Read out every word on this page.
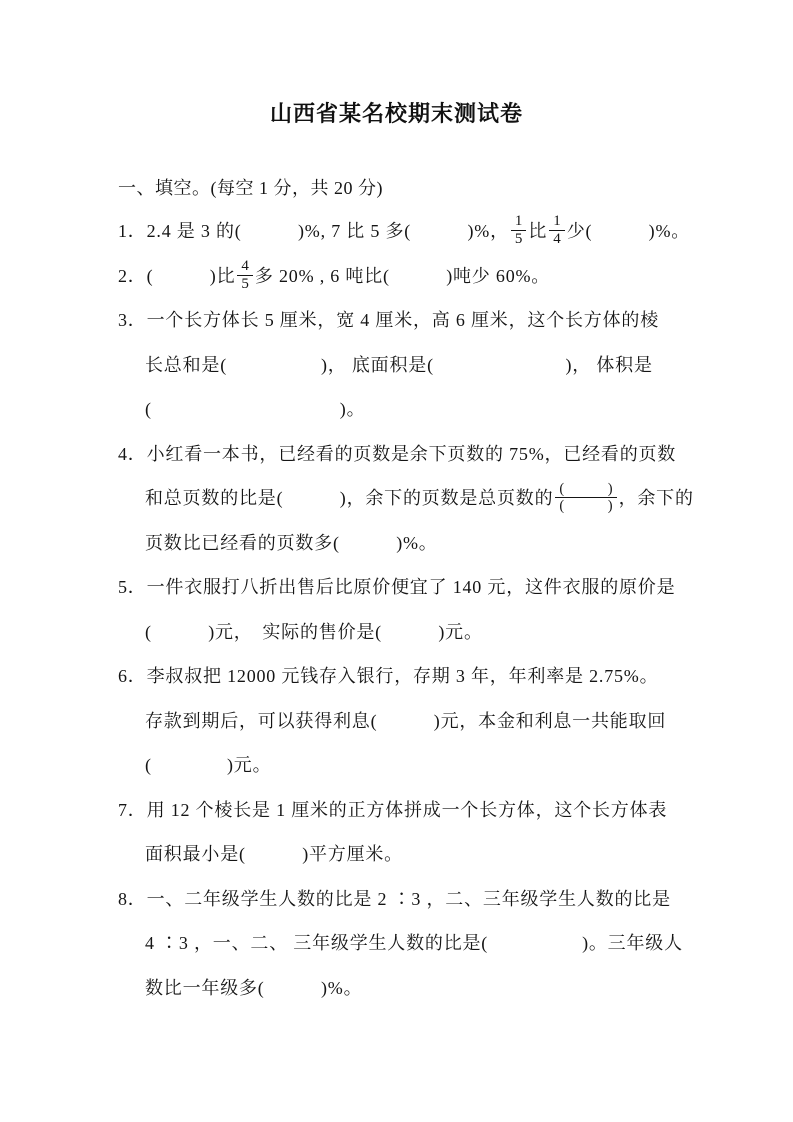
山西省某名校期末测试卷
一、填空。(每空 1 分，共 20 分)
1．2.4 是 3 的(　　　)%, 7 比 5 多(　　　)%， $\frac{1}{5}$ 比 $\frac{1}{4}$ 少(　　　)%。
2．(　　　)比 $\frac{4}{5}$ 多 20% , 6 吨比(　　　)吨少 60%。
3．一个长方体长 5 厘米，宽 4 厘米，高 6 厘米，这个长方体的棱
长总和是(　　　　　)， 底面积是(　　　　　　　)， 体积是
(　　　　　　　　　　)。
4．小红看一本书，已经看的页数是余下页数的 75%，已经看的页数
和总页数的比是(　　　)，余下的页数是总页数的 $\frac{( )}{( )}$ ，余下的
页数比已经看的页数多(　　　)%。
5．一件衣服打八折出售后比原价便宜了 140 元，这件衣服的原价是
(　　　)元，　实际的售价是(　　　)元。
6．李叔叔把 12000 元钱存入银行，存期 3 年，年利率是 2.75%。
存款到期后，可以获得利息(　　　)元，本金和利息一共能取回
(　　　　)元。
7．用 12 个棱长是 1 厘米的正方体拼成一个长方体，这个长方体表
面积最小是(　　　)平方厘米。
8．一、二年级学生人数的比是 2 ∶3 ，二、三年级学生人数的比是
4 ∶3 ，一、二、 三年级学生人数的比是(　　　　　)。三年级人
数比一年级多(　　　)%。
